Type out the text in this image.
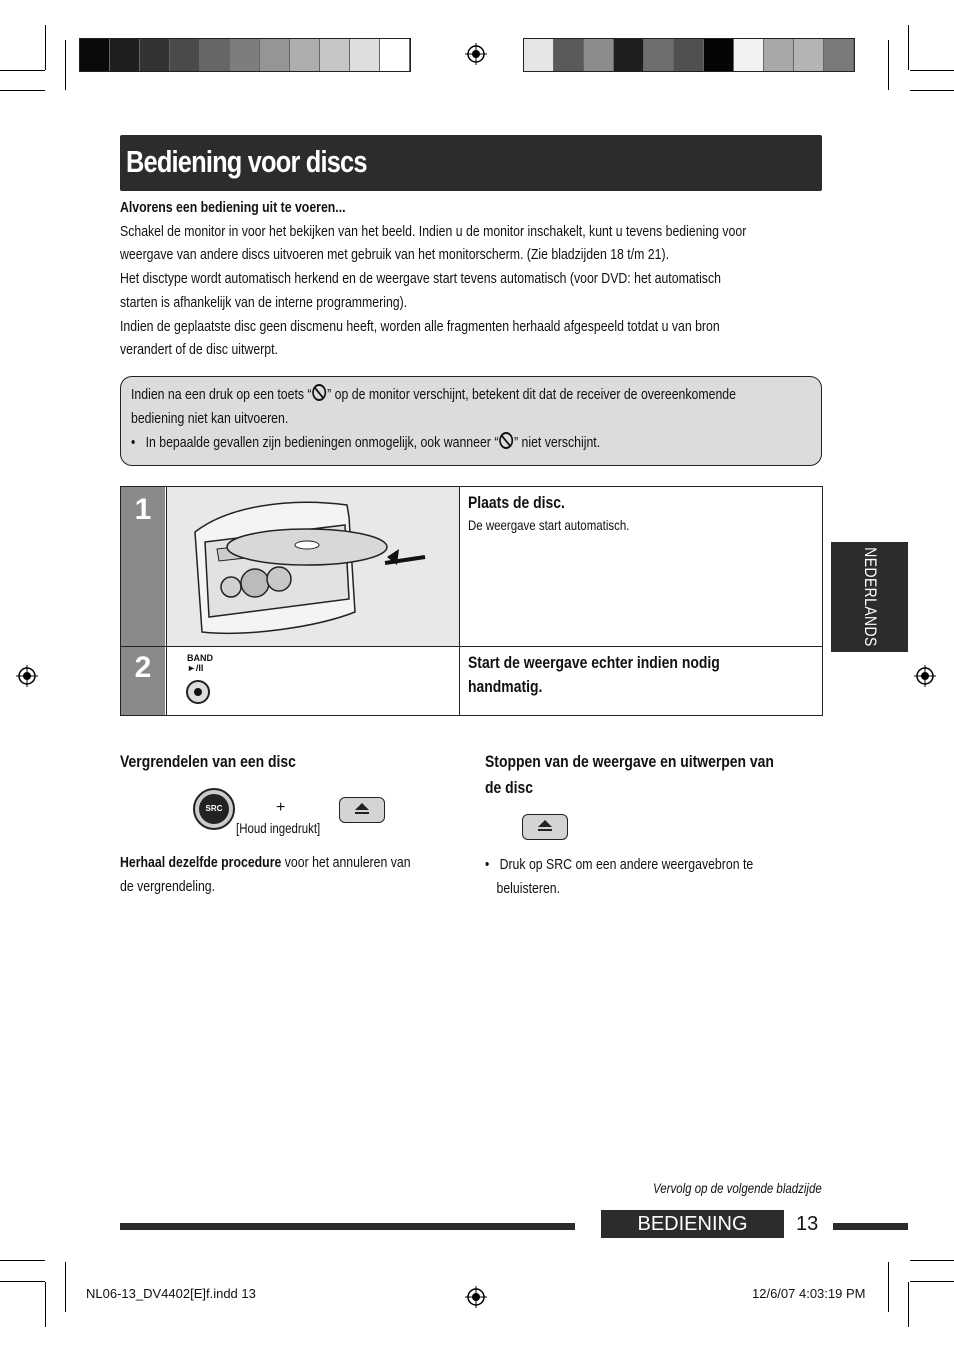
Bediening voor discs

Alvorens een bediening uit te voeren...

Schakel de monitor in voor het bekijken van het beeld. Indien u de monitor inschakelt, kunt u tevens bediening voor

weergave van andere discs uitvoeren met gebruik van het monitorscherm. (Zie bladzijden 18 t/m 21).

Het disctype wordt automatisch herkend en de weergave start tevens automatisch (voor DVD: het automatisch

starten is afhankelijk van de interne programmering).

Indien de geplaatste disc geen discmenu heeft, worden alle fragmenten herhaald afgespeeld totdat u van bron

verandert of de disc uitwerpt.

Indien na een druk op een toets “ ” op de monitor verschijnt, betekent dit dat de receiver de overeenkomende
bediening niet kan uitvoeren.
•   In bepaalde gevallen zijn bedieningen onmogelijk, ook wanneer “ ” niet verschijnt.
1	Plaats de disc.
De weergave start automatisch.
2	BAND
►/II	Start de weergave echter indien nodig
handmatig.
NEDERLANDS
Vergrendelen van een disc
SRC	+
[Houd ingedrukt]
Herhaal dezelfde procedure voor het annuleren van
de vergrendeling.
Stoppen van de weergave en uitwerpen van
de disc
•   Druk op SRC om een andere weergavebron te
beluisteren.
Vervolg op de volgende bladzijde
BEDIENING	13
NL06-13_DV4402[E]f.indd 13	12/6/07 4:03:19 PM
